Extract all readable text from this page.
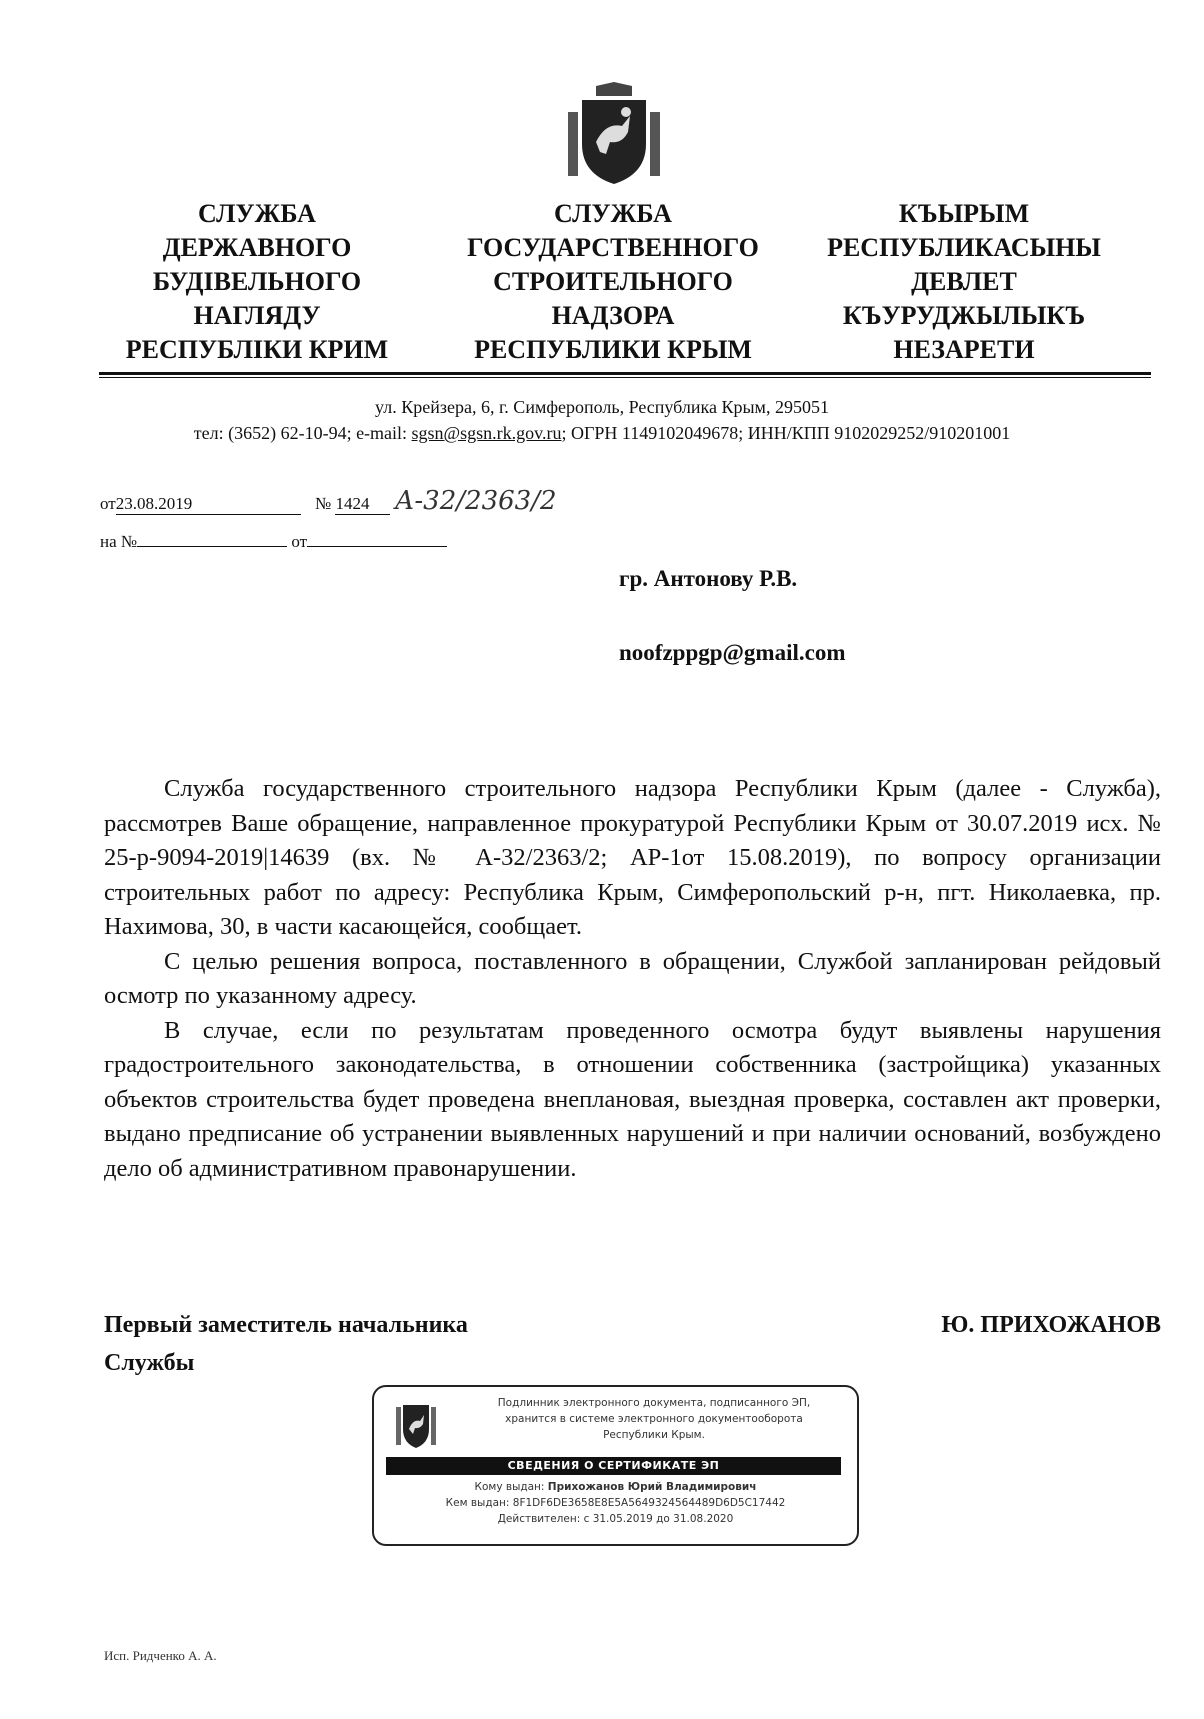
СЛУЖБА
ДЕРЖАВНОГО
БУДІВЕЛЬНОГО
НАГЛЯДУ
РЕСПУБЛІКИ КРИМ
СЛУЖБА
ГОСУДАРСТВЕННОГО
СТРОИТЕЛЬНОГО
НАДЗОРА
РЕСПУБЛИКИ КРЫМ
КЪЫРЫМ
РЕСПУБЛИКАСЫНЫ
ДЕВЛЕТ
КЪУРУДЖЫЛЫКЪ
НЕЗАРЕТИ
ул. Крейзера, 6, г. Симферополь, Республика Крым, 295051
тел: (3652) 62-10-94; e-mail: sgsn@sgsn.rk.gov.ru; ОГРН 1149102049678; ИНН/КПП 9102029252/910201001
от23.08.2019	№ 1424 А-32/2363/2
на №	от
гр. Антонову Р.В.
noofzppgp@gmail.com

Служба государственного строительного надзора Республики Крым (далее - Служба), рассмотрев Ваше обращение, направленное прокуратурой Республики Крым от 30.07.2019 исх. № 25-р-9094-2019|14639 (вх. № А-32/2363/2; АР-1от 15.08.2019), по вопросу организации строительных работ по адресу: Республика Крым, Симферопольский р-н, пгт. Николаевка, пр. Нахимова, 30, в части касающейся, сообщает.

С целью решения вопроса, поставленного в обращении, Службой запланирован рейдовый осмотр по указанному адресу.

В случае, если по результатам проведенного осмотра будут выявлены нарушения градостроительного законодательства, в отношении собственника (застройщика) указанных объектов строительства будет проведена внеплановая, выездная проверка, составлен акт проверки, выдано предписание об устранении выявленных нарушений и при наличии оснований, возбуждено дело об административном правонарушении.

Первый заместитель начальника
Службы
Ю. ПРИХОЖАНОВ
Подлинник электронного документа, подписанного ЭП,
хранится в системе электронного документооборота
Республики Крым.
СВЕДЕНИЯ О СЕРТИФИКАТЕ ЭП
Кому выдан: Прихожанов Юрий Владимирович
Кем выдан: 8F1DF6DE3658E8E5A5649324564489D6D5C17442
Действителен: с 31.05.2019 до 31.08.2020
Исп. Ридченко А. А.
